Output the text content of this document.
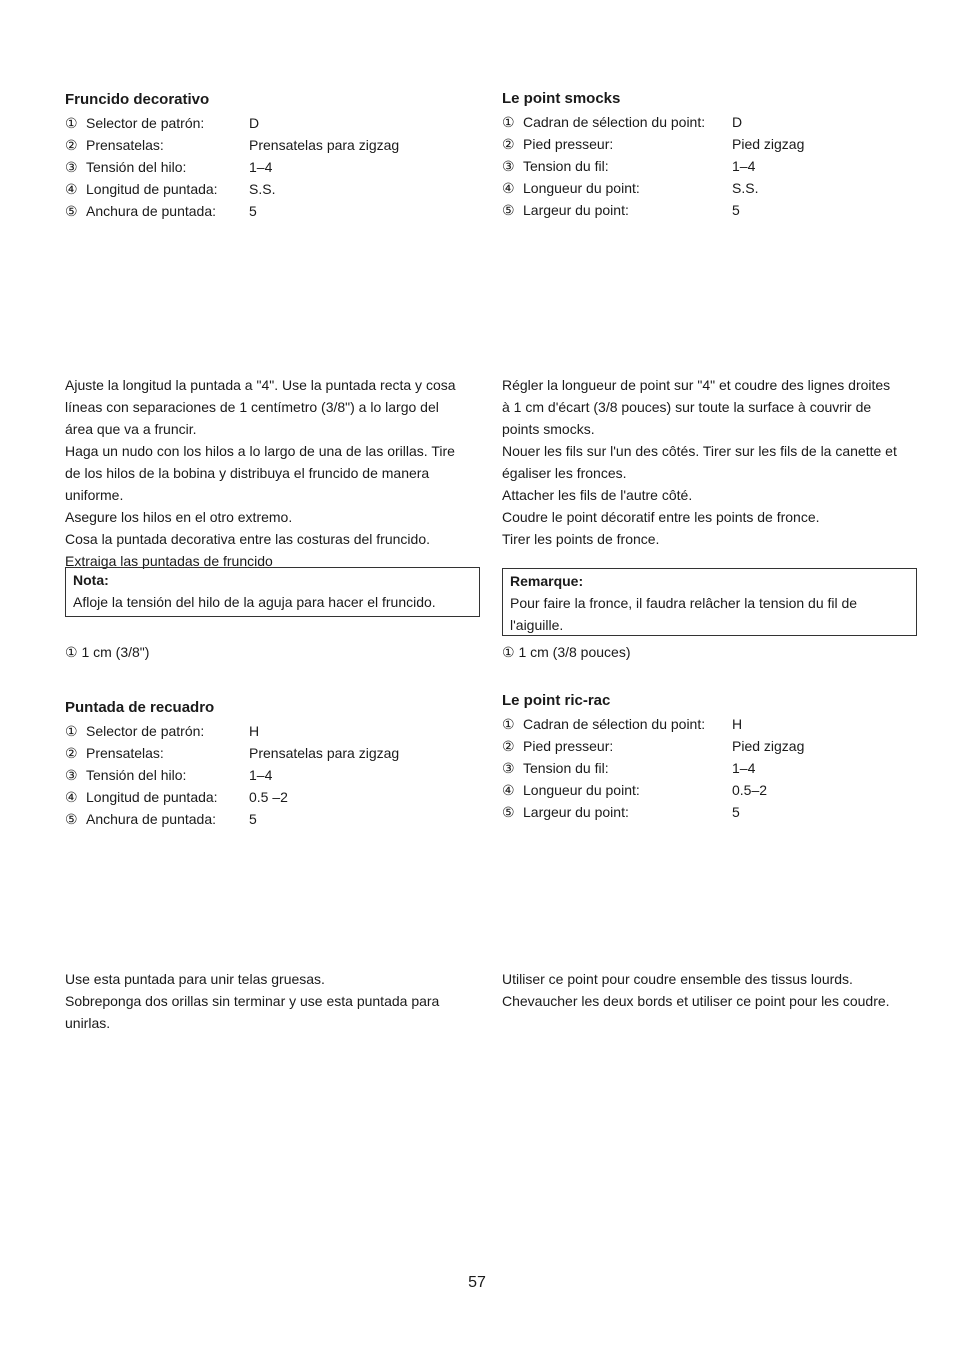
Fruncido decorativo
① Selector de patrón:	D
② Prensatelas:	Prensatelas para zigzag
③ Tensión del hilo:	1–4
④ Longitud de puntada:	S.S.
⑤ Anchura de puntada:	5

Ajuste la longitud la puntada a "4". Use la puntada recta y cosa

líneas con separaciones de 1 centímetro (3/8") a lo largo del

área que va a fruncir.

Haga un nudo con los hilos a lo largo de una de las orillas. Tire

de los hilos de la bobina y distribuya el fruncido de manera

uniforme.

Asegure los hilos en el otro extremo.

Cosa la puntada decorativa entre las costuras del fruncido.

Extraiga las puntadas de fruncido

Nota:
Afloje la tensión del hilo de la aguja para hacer el fruncido.
① 1 cm (3/8")
Le point smocks
① Cadran de sélection du point:	D
② Pied presseur:	Pied zigzag
③ Tension du fil:	1–4
④ Longueur du point:	S.S.
⑤ Largeur du point:	5

Régler la longueur de point sur "4" et coudre des lignes droites

à 1 cm d'écart (3/8 pouces) sur toute la surface à couvrir de

points smocks.

Nouer les fils sur l'un des côtés. Tirer sur les fils de la canette et

égaliser les fronces.

Attacher les fils de l'autre côté.

Coudre le point décoratif entre les points de fronce.

Tirer les points de fronce.

Remarque:
Pour faire la fronce, il faudra relâcher la tension du fil de
l'aiguille.
① 1 cm (3/8 pouces)
Puntada de recuadro
① Selector de patrón:	H
② Prensatelas:	Prensatelas para zigzag
③ Tensión del hilo:	1–4
④ Longitud de puntada:	0.5 –2
⑤ Anchura de puntada:	5

Use esta puntada para unir telas gruesas.

Sobreponga dos orillas sin terminar y use esta puntada para

unirlas.

Le point ric-rac
① Cadran de sélection du point:	H
② Pied presseur:	Pied zigzag
③ Tension du fil:	1–4
④ Longueur du point:	0.5–2
⑤ Largeur du point:	5

Utiliser ce point pour coudre ensemble des tissus lourds.

Chevaucher les deux bords et utiliser ce point pour les coudre.

57
